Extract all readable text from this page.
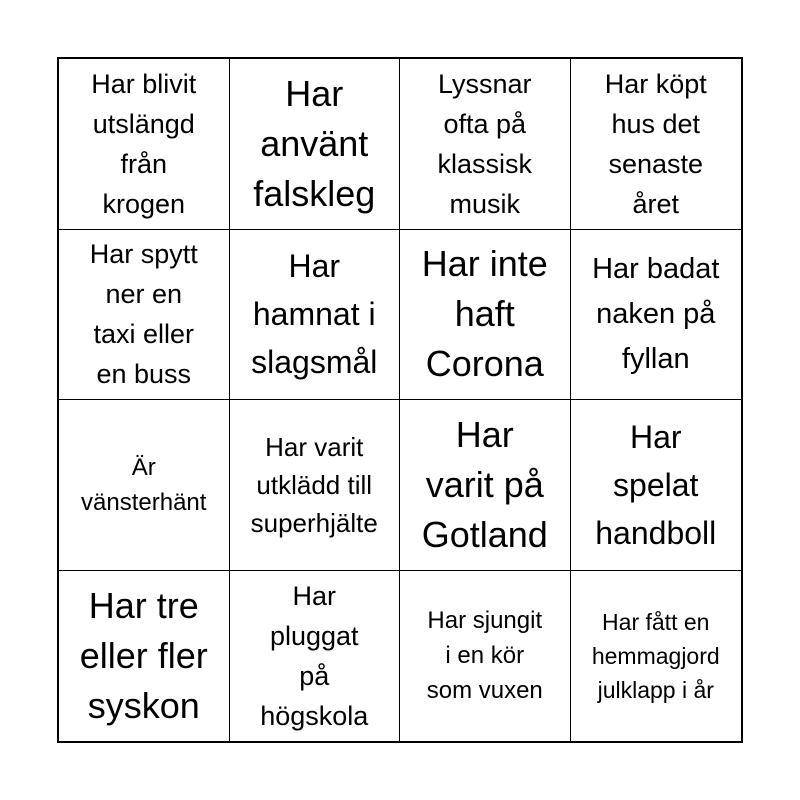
Har blivit
utslängd
från
krogen
Har
använt
falskleg
Lyssnar
ofta på
klassisk
musik
Har köpt
hus det
senaste
året
Har spytt
ner en
taxi eller
en buss
Har
hamnat i
slagsmål
Har inte
haft
Corona
Har badat
naken på
fyllan
Är
vänsterhänt
Har varit
utklädd till
superhjälte
Har
varit på
Gotland
Har
spelat
handboll
Har tre
eller fler
syskon
Har
pluggat
på
högskola
Har sjungit
i en kör
som vuxen
Har fått en
hemmagjord
julklapp i år
